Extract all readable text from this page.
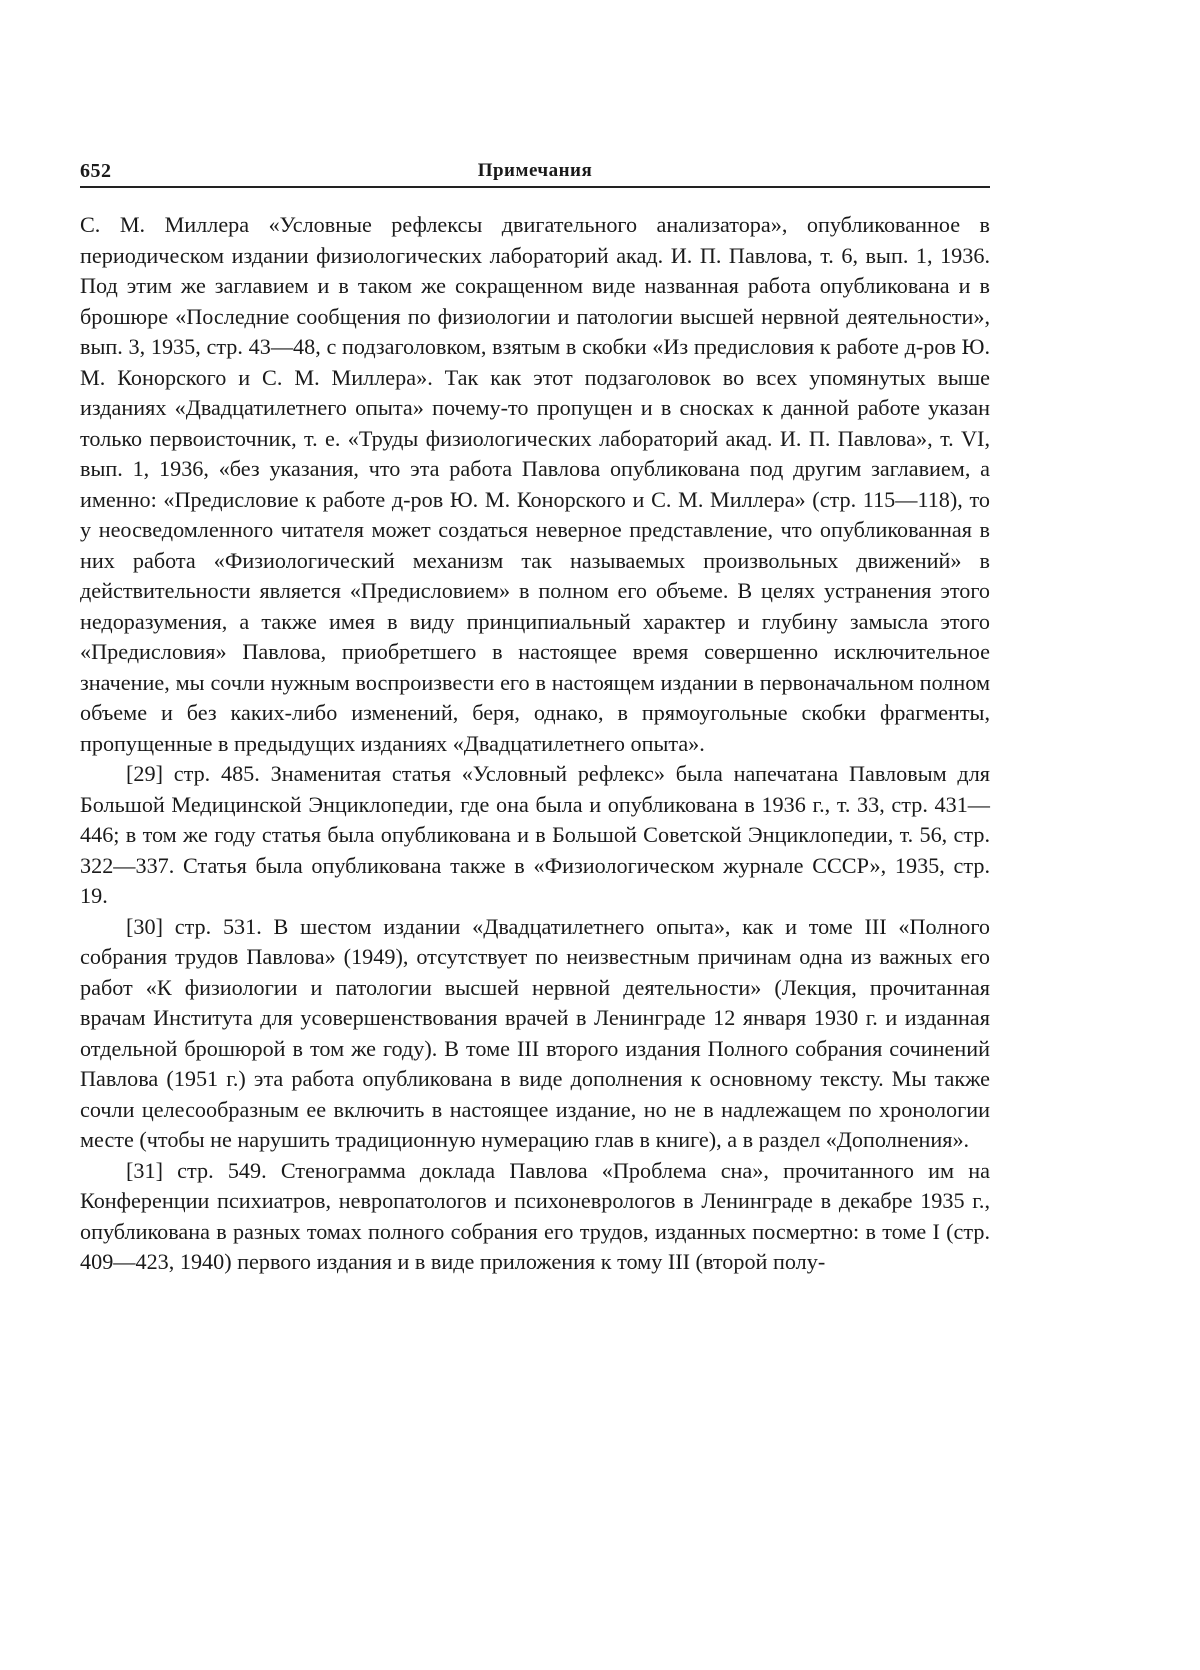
652	Примечания

С. М. Миллера «Условные рефлексы двигательного анализатора», опубликованное в периодическом издании физиологических лабораторий акад. И. П. Павлова, т. 6, вып. 1, 1936. Под этим же заглавием и в таком же сокращенном виде названная работа опубликована и в брошюре «Последние сообщения по физиологии и патологии высшей нервной деятельности», вып. 3, 1935, стр. 43—48, с подзаголовком, взятым в скобки «Из предисловия к работе д-ров Ю. М. Конорского и С. М. Миллера». Так как этот подзаголовок во всех упомянутых выше изданиях «Двадцатилетнего опыта» почему-то пропущен и в сносках к данной работе указан только первоисточник, т. е. «Труды физиологических лабораторий акад. И. П. Павлова», т. VI, вып. 1, 1936, «без указания, что эта работа Павлова опубликована под другим заглавием, а именно: «Предисловие к работе д-ров Ю. М. Конорского и С. М. Миллера» (стр. 115—118), то у неосведомленного читателя может создаться неверное представление, что опубликованная в них работа «Физиологический механизм так называемых произвольных движений» в действительности является «Предисловием» в полном его объеме. В целях устранения этого недоразумения, а также имея в виду принципиальный характер и глубину замысла этого «Предисловия» Павлова, приобретшего в настоящее время совершенно исключительное значение, мы сочли нужным воспроизвести его в настоящем издании в первоначальном полном объеме и без каких-либо изменений, беря, однако, в прямоугольные скобки фрагменты, пропущенные в предыдущих изданиях «Двадцатилетнего опыта».

[29] стр. 485. Знаменитая статья «Условный рефлекс» была напечатана Павловым для Большой Медицинской Энциклопедии, где она была и опубликована в 1936 г., т. 33, стр. 431—446; в том же году статья была опубликована и в Большой Советской Энциклопедии, т. 56, стр. 322—337. Статья была опубликована также в «Физиологическом журнале СССР», 1935, стр. 19.

[30] стр. 531. В шестом издании «Двадцатилетнего опыта», как и томе III «Полного собрания трудов Павлова» (1949), отсутствует по неизвестным причинам одна из важных его работ «К физиологии и патологии высшей нервной деятельности» (Лекция, прочитанная врачам Института для усовершенствования врачей в Ленинграде 12 января 1930 г. и изданная отдельной брошюрой в том же году). В томе III второго издания Полного собрания сочинений Павлова (1951 г.) эта работа опубликована в виде дополнения к основному тексту. Мы также сочли целесообразным ее включить в настоящее издание, но не в надлежащем по хронологии месте (чтобы не нарушить традиционную нумерацию глав в книге), а в раздел «Дополнения».

[31] стр. 549. Стенограмма доклада Павлова «Проблема сна», прочитанного им на Конференции психиатров, невропатологов и психоневрологов в Ленинграде в декабре 1935 г., опубликована в разных томах полного собрания его трудов, изданных посмертно: в томе I (стр. 409—423, 1940) первого издания и в виде приложения к тому III (второй полу-
